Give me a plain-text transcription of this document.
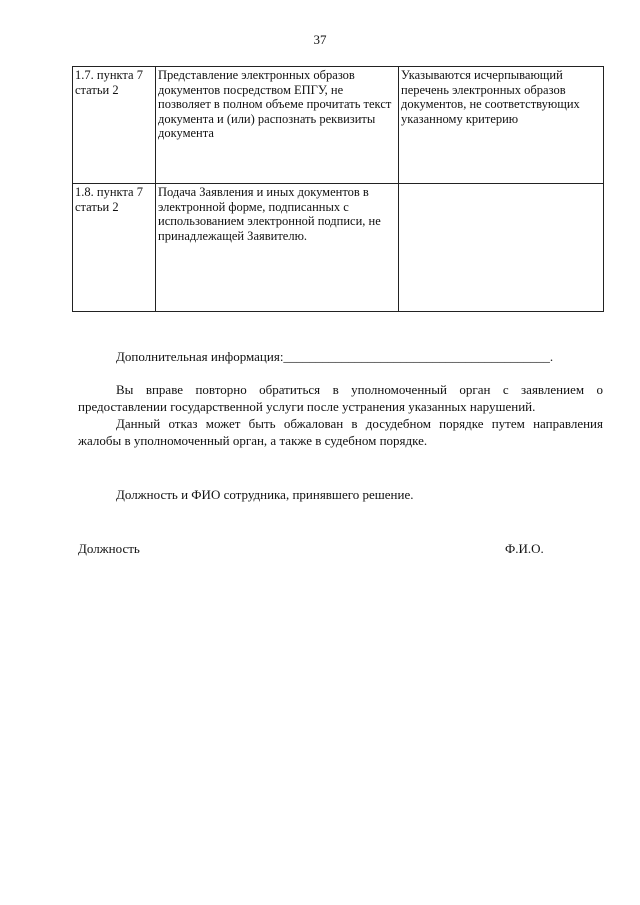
37
1.7. пункта 7 статьи 2	Представление электронных образов документов посредством ЕПГУ, не позволяет в полном объеме прочитать текст документа и (или) распознать реквизиты документа	Указываются исчерпывающий перечень электронных образов документов, не соответствующих указанному критерию
1.8. пункта 7 статьи 2	Подача Заявления и иных документов в электронной форме, подписанных с использованием электронной подписи, не принадлежащей Заявителю.	

Дополнительная информация:_________________________________________.

Вы вправе повторно обратиться в уполномоченный орган с заявлением о предоставлении государственной услуги после устранения указанных нарушений.

Данный отказ может быть обжалован в досудебном порядке путем направления жалобы в уполномоченный орган, а также в судебном порядке.

Должность и ФИО сотрудника, принявшего решение.

Должность	Ф.И.О.
